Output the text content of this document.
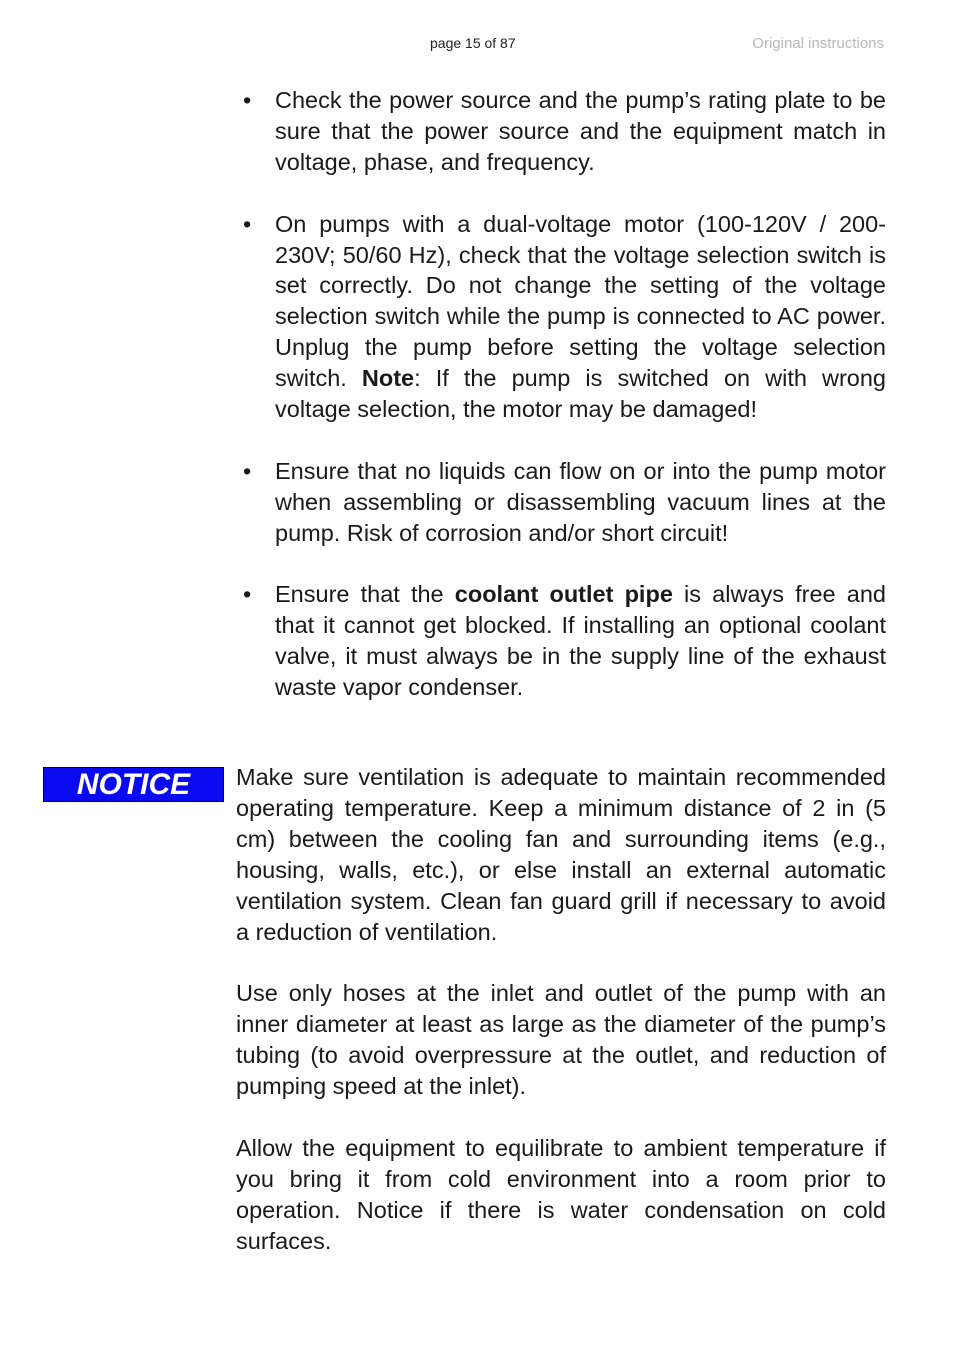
page 15 of 87	Original instructions
• Check the power source and the pump’s rating plate to be sure that the power source and the equipment match in voltage, phase, and frequency.
• On pumps with a dual-voltage motor (100-120V / 200-230V; 50/60 Hz), check that the voltage selection switch is set correctly. Do not change the setting of the voltage selection switch while the pump is connected to AC power. Unplug the pump before setting the voltage selection switch. Note: If the pump is switched on with wrong voltage selection, the motor may be damaged!
• Ensure that no liquids can flow on or into the pump motor when assembling or disassembling vacuum lines at the pump. Risk of corrosion and/or short circuit!
• Ensure that the coolant outlet pipe is always free and that it cannot get blocked. If installing an optional coolant valve, it must always be in the supply line of the exhaust waste vapor condenser.
NOTICE	Make sure ventilation is adequate to maintain recommended operating temperature. Keep a minimum distance of 2 in (5 cm) between the cooling fan and surrounding items (e.g., housing, walls, etc.), or else install an external automatic ventilation system. Clean fan guard grill if necessary to avoid a reduction of ventilation.

Use only hoses at the inlet and outlet of the pump with an inner diameter at least as large as the diameter of the pump’s tubing (to avoid overpressure at the outlet, and reduction of pumping speed at the inlet).

Allow the equipment to equilibrate to ambient temperature if you bring it from cold environment into a room prior to operation. Notice if there is water condensation on cold surfaces.
